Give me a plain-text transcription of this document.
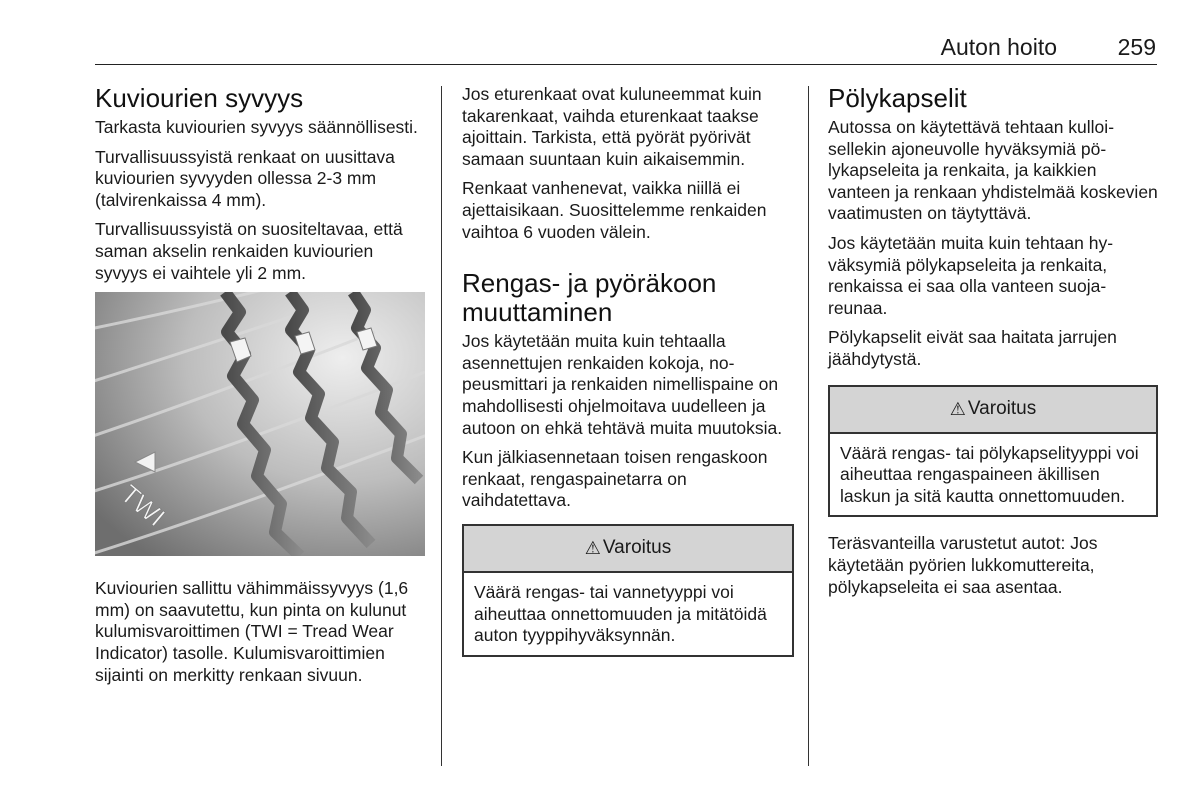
Auton hoito	259
Kuviourien syvyys

Tarkasta kuviourien syvyys säännöllisesti.

Turvallisuussyistä renkaat on uusittava kuviourien syvyyden ollessa 2-3 mm (talvirenkaissa 4 mm).

Turvallisuussyistä on suositeltavaa, että saman akselin renkaiden kuviourien syvyys ei vaihtele yli 2 mm.

TWI

Kuviourien sallittu vähimmäissyvyys (1,6 mm) on saavutettu, kun pinta on kulunut kulumisvaroittimen (TWI = Tread Wear Indicator) tasolle. Kulumisvaroittimien sijainti on merkitty renkaan sivuun.

Jos eturenkaat ovat kuluneemmat kuin takarenkaat, vaihda eturenkaat taakse ajoittain. Tarkista, että pyörät pyörivät samaan suuntaan kuin aikaisemmin.

Renkaat vanhenevat, vaikka niillä ei ajettaisikaan. Suosittelemme renkaiden vaihtoa 6 vuoden välein.

Rengas- ja pyöräkoon muuttaminen

Jos käytetään muita kuin tehtaalla asennettujen renkaiden kokoja, nopeusmittari ja renkaiden nimellispaine on mahdollisesti ohjelmoitava uudelleen ja autoon on ehkä tehtävä muita muutoksia.

Kun jälkiasennetaan toisen rengaskoon renkaat, rengaspainetarra on vaihdatettava.

⚠ Varoitus
Väärä rengas- tai vannetyyppi voi aiheuttaa onnettomuuden ja mitätöidä auton tyyppihyväksynnän.
Pölykapselit

Autossa on käytettävä tehtaan kulloisellekin ajoneuvolle hyväksymiä pölykapseleita ja renkaita, ja kaikkien vanteen ja renkaan yhdistelmää koskevien vaatimusten on täytyttävä.

Jos käytetään muita kuin tehtaan hyväksymiä pölykapseleita ja renkaita, renkaissa ei saa olla vanteen suojareunaa.

Pölykapselit eivät saa haitata jarrujen jäähdytystä.

⚠ Varoitus
Väärä rengas- tai pölykapselityyppi voi aiheuttaa rengaspaineen äkillisen laskun ja sitä kautta onnettomuuden.

Teräsvanteilla varustetut autot: Jos käytetään pyörien lukkomuttereita, pölykapseleita ei saa asentaa.
